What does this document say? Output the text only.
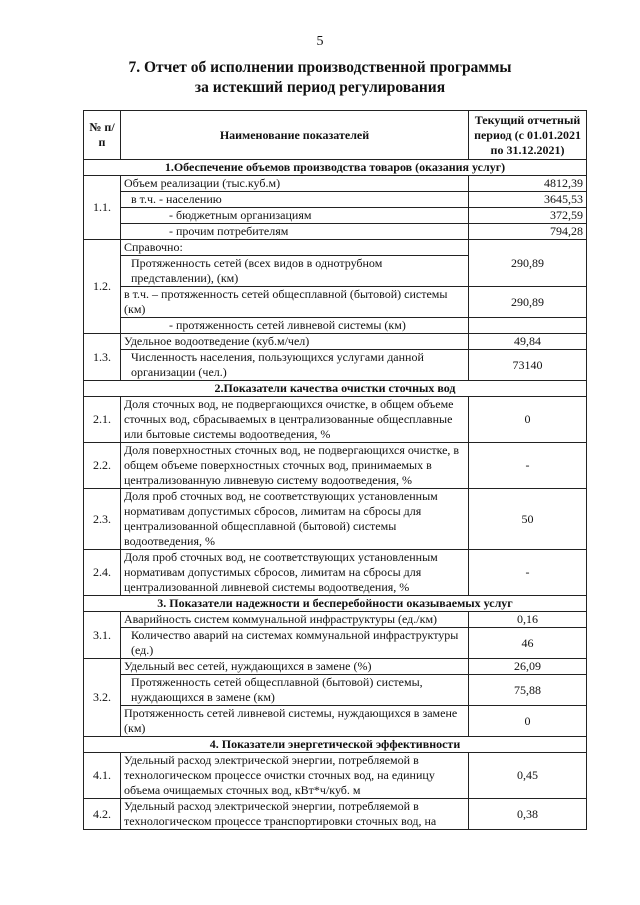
5
7. Отчет об исполнении производственной программы
за истекший период регулирования
№ п/п	Наименование показателей	Текущий отчетный период (с 01.01.2021 по 31.12.2021)
1.Обеспечение объемов производства товаров (оказания услуг)		
1.1.	Объем реализации (тыс.куб.м)	4812,39
	в т.ч. - населению	3645,53
	- бюджетным организациям	372,59
	- прочим потребителям	794,28
1.2.	Справочно:	290,89
	Протяженность сетей (всех видов в однотрубном представлении), (км)	
	в т.ч. – протяженность сетей общесплавной (бытовой) системы (км)	290,89
	- протяженность сетей ливневой системы (км)	
1.3.	Удельное водоотведение (куб.м/чел)	49,84
	Численность населения, пользующихся услугами данной организации (чел.)	73140
2.Показатели качества очистки сточных вод		
2.1.	Доля сточных вод, не подвергающихся очистке, в общем объеме сточных вод, сбрасываемых в централизованные общесплавные или бытовые системы водоотведения, %	0
2.2.	Доля поверхностных сточных вод, не подвергающихся очистке, в общем объеме поверхностных сточных вод, принимаемых в централизованную ливневую систему водоотведения, %	-
2.3.	Доля проб сточных вод, не соответствующих установленным нормативам допустимых сбросов, лимитам на сбросы для централизованной общесплавной (бытовой) системы водоотведения, %	50
2.4.	Доля проб сточных вод, не соответствующих установленным нормативам допустимых сбросов, лимитам на сбросы для централизованной ливневой системы водоотведения, %	-
3. Показатели надежности и бесперебойности оказываемых услуг		
3.1.	Аварийность систем коммунальной инфраструктуры (ед./км)	0,16
	Количество аварий на системах коммунальной инфраструктуры (ед.)	46
3.2.	Удельный вес сетей, нуждающихся в замене (%)	26,09
	Протяженность сетей общесплавной (бытовой) системы, нуждающихся в замене (км)	75,88
	Протяженность сетей ливневой системы, нуждающихся в замене (км)	0
4. Показатели энергетической эффективности		
4.1.	Удельный расход электрической энергии, потребляемой в технологическом процессе очистки сточных вод, на единицу объема очищаемых сточных вод, кВт*ч/куб. м	0,45
4.2.	Удельный расход электрической энергии, потребляемой в технологическом процессе транспортировки сточных вод, на	0,38
